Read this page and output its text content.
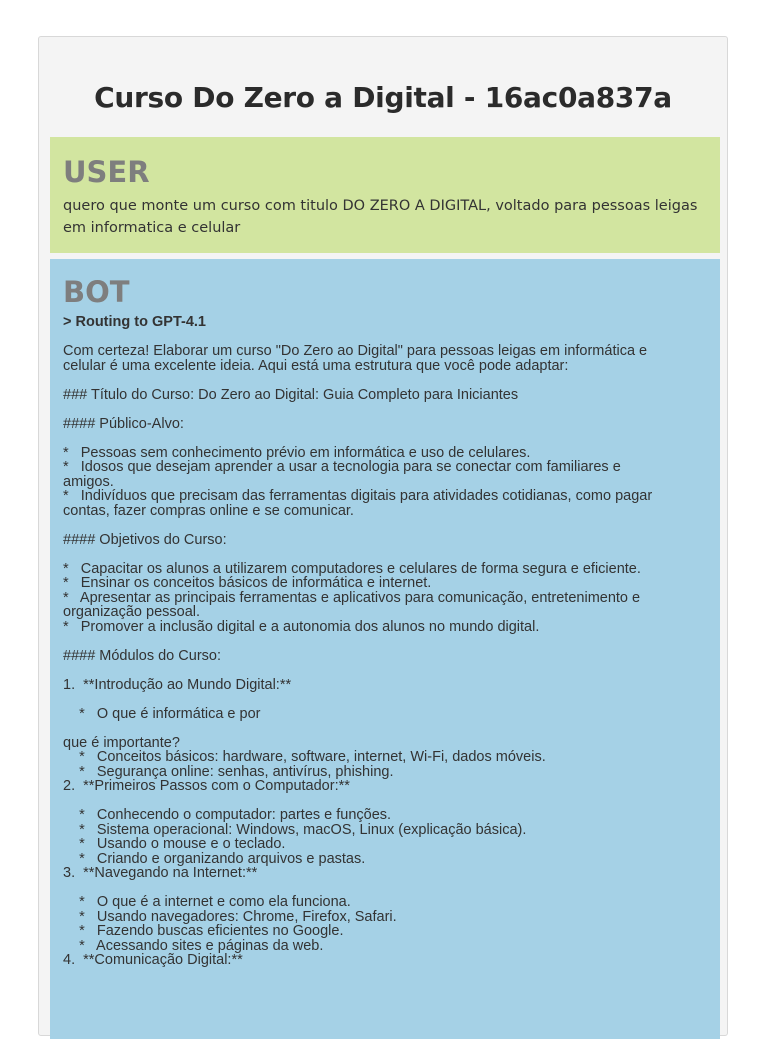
Curso Do Zero a Digital - 16ac0a837a
USER
quero que monte um curso com titulo DO ZERO A DIGITAL, voltado para pessoas leigas
em informatica e celular
BOT
> Routing to GPT-4.1
Com certeza! Elaborar um curso "Do Zero ao Digital" para pessoas leigas em informática e
celular é uma excelente ideia. Aqui está uma estrutura que você pode adaptar:
### Título do Curso: Do Zero ao Digital: Guia Completo para Iniciantes
#### Público-Alvo:
*   Pessoas sem conhecimento prévio em informática e uso de celulares.
*   Idosos que desejam aprender a usar a tecnologia para se conectar com familiares e
amigos.
*   Indivíduos que precisam das ferramentas digitais para atividades cotidianas, como pagar
contas, fazer compras online e se comunicar.
#### Objetivos do Curso:
*   Capacitar os alunos a utilizarem computadores e celulares de forma segura e eficiente.
*   Ensinar os conceitos básicos de informática e internet.
*   Apresentar as principais ferramentas e aplicativos para comunicação, entretenimento e
organização pessoal.
*   Promover a inclusão digital e a autonomia dos alunos no mundo digital.
#### Módulos do Curso:
1.  **Introdução ao Mundo Digital:**
*   O que é informática e por
que é importante?
*   Conceitos básicos: hardware, software, internet, Wi-Fi, dados móveis.
*   Segurança online: senhas, antivírus, phishing.
2.  **Primeiros Passos com o Computador:**
*   Conhecendo o computador: partes e funções.
*   Sistema operacional: Windows, macOS, Linux (explicação básica).
*   Usando o mouse e o teclado.
*   Criando e organizando arquivos e pastas.
3.  **Navegando na Internet:**
*   O que é a internet e como ela funciona.
*   Usando navegadores: Chrome, Firefox, Safari.
*   Fazendo buscas eficientes no Google.
*   Acessando sites e páginas da web.
4.  **Comunicação Digital:**
